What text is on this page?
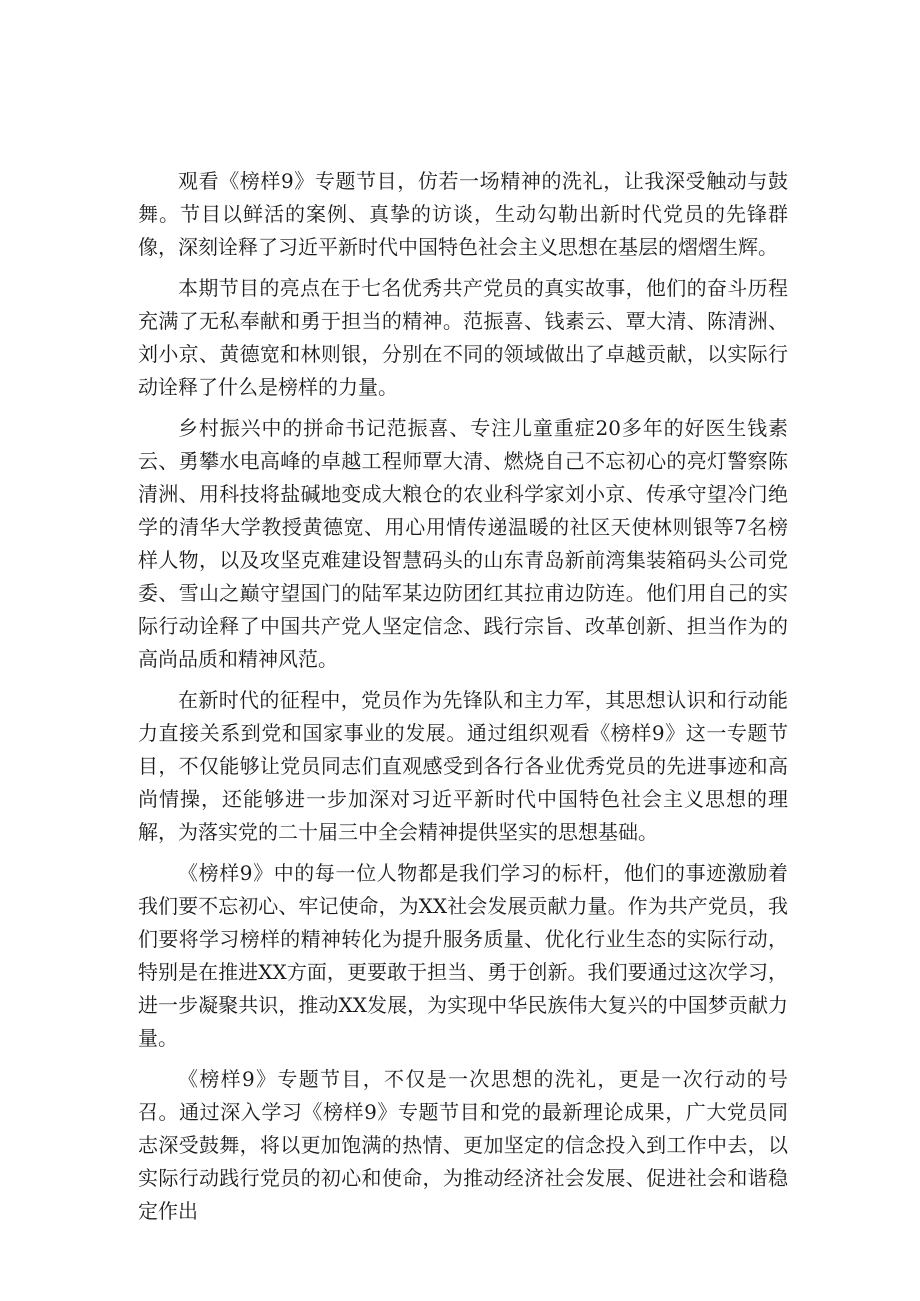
观看《榜样9》专题节目，仿若一场精神的洗礼，让我深受触动与鼓舞。节目以鲜活的案例、真挚的访谈，生动勾勒出新时代党员的先锋群像，深刻诠释了习近平新时代中国特色社会主义思想在基层的熠熠生辉。

本期节目的亮点在于七名优秀共产党员的真实故事，他们的奋斗历程充满了无私奉献和勇于担当的精神。范振喜、钱素云、覃大清、陈清洲、刘小京、黄德宽和林则银，分别在不同的领域做出了卓越贡献，以实际行动诠释了什么是榜样的力量。

乡村振兴中的拼命书记范振喜、专注儿童重症20多年的好医生钱素云、勇攀水电高峰的卓越工程师覃大清、燃烧自己不忘初心的亮灯警察陈清洲、用科技将盐碱地变成大粮仓的农业科学家刘小京、传承守望冷门绝学的清华大学教授黄德宽、用心用情传递温暖的社区天使林则银等7名榜样人物，以及攻坚克难建设智慧码头的山东青岛新前湾集装箱码头公司党委、雪山之巅守望国门的陆军某边防团红其拉甫边防连。他们用自己的实际行动诠释了中国共产党人坚定信念、践行宗旨、改革创新、担当作为的高尚品质和精神风范。

在新时代的征程中，党员作为先锋队和主力军，其思想认识和行动能力直接关系到党和国家事业的发展。通过组织观看《榜样9》这一专题节目，不仅能够让党员同志们直观感受到各行各业优秀党员的先进事迹和高尚情操，还能够进一步加深对习近平新时代中国特色社会主义思想的理解，为落实党的二十届三中全会精神提供坚实的思想基础。

《榜样9》中的每一位人物都是我们学习的标杆，他们的事迹激励着我们要不忘初心、牢记使命，为XX社会发展贡献力量。作为共产党员，我们要将学习榜样的精神转化为提升服务质量、优化行业生态的实际行动，特别是在推进XX方面，更要敢于担当、勇于创新。我们要通过这次学习，进一步凝聚共识，推动XX发展，为实现中华民族伟大复兴的中国梦贡献力量。

《榜样9》专题节目，不仅是一次思想的洗礼，更是一次行动的号召。通过深入学习《榜样9》专题节目和党的最新理论成果，广大党员同志深受鼓舞，将以更加饱满的热情、更加坚定的信念投入到工作中去，以实际行动践行党员的初心和使命，为推动经济社会发展、促进社会和谐稳定作出
